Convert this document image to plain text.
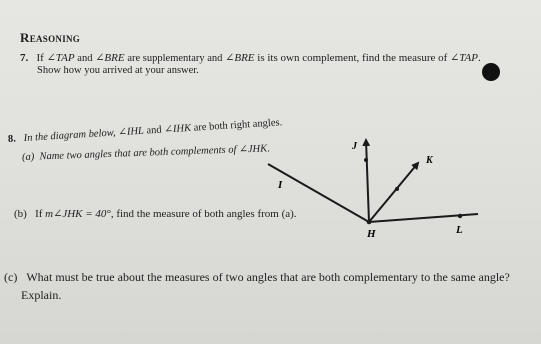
Reasoning
7. If ∠TAP and ∠BRE are supplementary and ∠BRE is its own complement, find the measure of ∠TAP.
Show how you arrived at your answer.
8. In the diagram below, ∠IHL and ∠IHK are both right angles.
(a) Name two angles that are both complements of ∠JHK.
(b) If m∠JHK = 40°, find the measure of both angles from (a).
(c) What must be true about the measures of two angles that are both complementary to the same angle?
Explain.
J
K
I
H	L
